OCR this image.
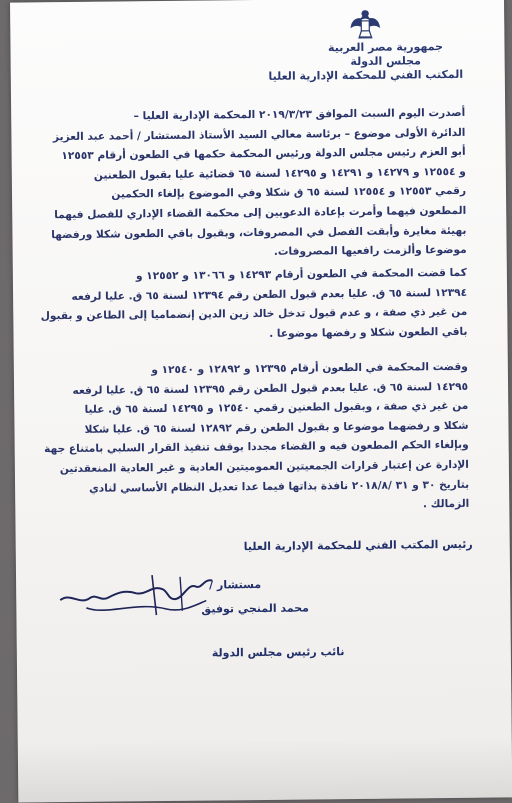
جمهورية مصر العربية
مجلس الدولة
المكتب الفني للمحكمة الإدارية العليا
أصدرت اليوم السبت الموافق ٢٠١٩/٣/٢٣ المحكمة الإدارية العليا –
الدائرة الأولى موضوع – برئاسة معالي السيد الأستاذ المستشار / أحمد عبد العزيز
أبو العزم رئيس مجلس الدولة ورئيس المحكمة حكمها في الطعون أرقام ١٢٥٥٣
و ١٢٥٥٤ و ١٤٢٧٩ و ١٤٢٩١ و ١٤٢٩٥ لسنة ٦٥ قضائية عليا بقبول الطعنين
رقمي ١٢٥٥٣ و ١٢٥٥٤ لسنة ٦٥ ق شكلا وفي الموضوع بإلغاء الحكمين
المطعون فيهما وأمرت بإعادة الدعويين إلى محكمة القضاء الإداري للفصل فيهما
بهيئة مغايرة وأبقت الفصل في المصروفات، وبقبول باقي الطعون شكلا ورفضها
موضوعا وألزمت رافعيها المصروفات.
كما قضت المحكمة في الطعون أرقام ١٤٢٩٣ و ١٣٠٦٦ و ١٢٥٥٢ و
١٢٣٩٤ لسنة ٦٥ ق. عليا بعدم قبول الطعن رقم ١٢٣٩٤ لسنة ٦٥ ق. عليا لرفعه
من غير ذي صفة ، و عدم قبول تدخل خالد زين الدين إنضماميا إلى الطاعن و بقبول
باقي الطعون شكلا و رفضها موضوعا .
وقضت المحكمة في الطعون أرقام ١٢٣٩٥ و ١٢٨٩٢ و ١٢٥٤٠ و
١٤٢٩٥ لسنة ٦٥ ق. عليا بعدم قبول الطعن رقم ١٢٣٩٥ لسنة ٦٥ ق. عليا لرفعه
من غير ذي صفة ، وبقبول الطعنين رقمي ١٢٥٤٠ و ١٤٢٩٥ لسنة ٦٥ ق. عليا
شكلا و رفضهما موضوعا و بقبول الطعن رقم ١٢٨٩٢ لسنة ٦٥ ق. عليا شكلا
وبإلغاء الحكم المطعون فيه و القضاء مجددا بوقف تنفيذ القرار السلبي بامتناع جهة
الإدارة عن إعتبار قرارات الجمعيتين العموميتين العادية و غير العادية المنعقدتين
بتاريخ ٣٠ و ٣١ /٢٠١٨/٨ نافذة بذاتها فيما عدا تعديل النظام الأساسي لنادي
الزمالك .
رئيس المكتب الفني للمحكمة الإدارية العليا
مستشار /
محمد المنجي توفيق
نائب رئيس مجلس الدولة
